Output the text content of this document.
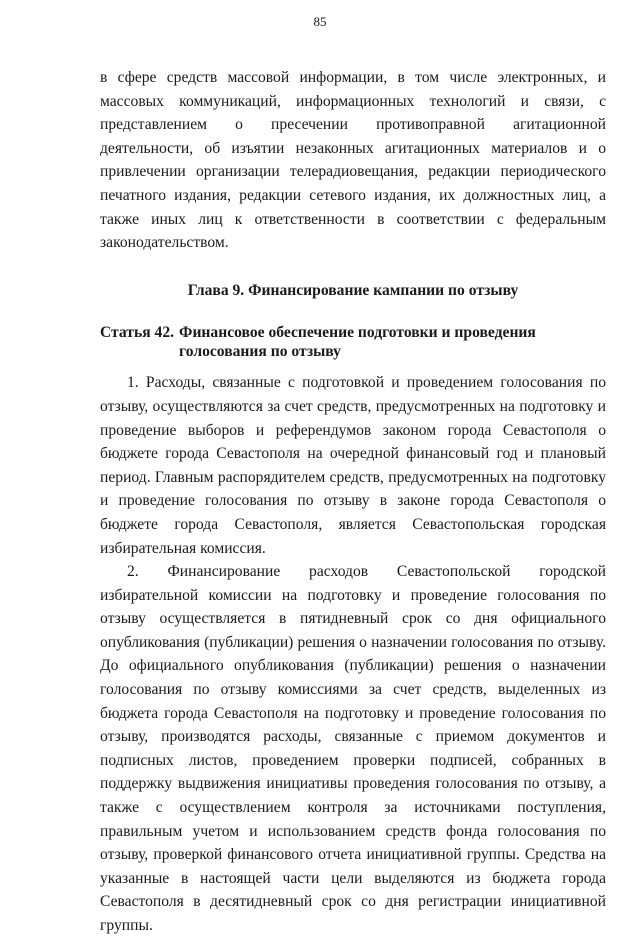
85

в сфере средств массовой информации, в том числе электронных, и массовых коммуникаций, информационных технологий и связи, с представлением о пресечении противоправной агитационной деятельности, об изъятии незаконных агитационных материалов и о привлечении организации телерадиовещания, редакции периодического печатного издания, редакции сетевого издания, их должностных лиц, а также иных лиц к ответственности в соответствии с федеральным законодательством.

Глава 9. Финансирование кампании по отзыву

Статья 42. Финансовое обеспечение подготовки и проведения голосования по отзыву

1. Расходы, связанные с подготовкой и проведением голосования по отзыву, осуществляются за счет средств, предусмотренных на подготовку и проведение выборов и референдумов законом города Севастополя о бюджете города Севастополя на очередной финансовый год и плановый период. Главным распорядителем средств, предусмотренных на подготовку и проведение голосования по отзыву в законе города Севастополя о бюджете города Севастополя, является Севастопольская городская избирательная комиссия.

2. Финансирование расходов Севастопольской городской избирательной комиссии на подготовку и проведение голосования по отзыву осуществляется в пятидневный срок со дня официального опубликования (публикации) решения о назначении голосования по отзыву. До официального опубликования (публикации) решения о назначении голосования по отзыву комиссиями за счет средств, выделенных из бюджета города Севастополя на подготовку и проведение голосования по отзыву, производятся расходы, связанные с приемом документов и подписных листов, проведением проверки подписей, собранных в поддержку выдвижения инициативы проведения голосования по отзыву, а также с осуществлением контроля за источниками поступления, правильным учетом и использованием средств фонда голосования по отзыву, проверкой финансового отчета инициативной группы. Средства на указанные в настоящей части цели выделяются из бюджета города Севастополя в десятидневный срок со дня регистрации инициативной группы.
